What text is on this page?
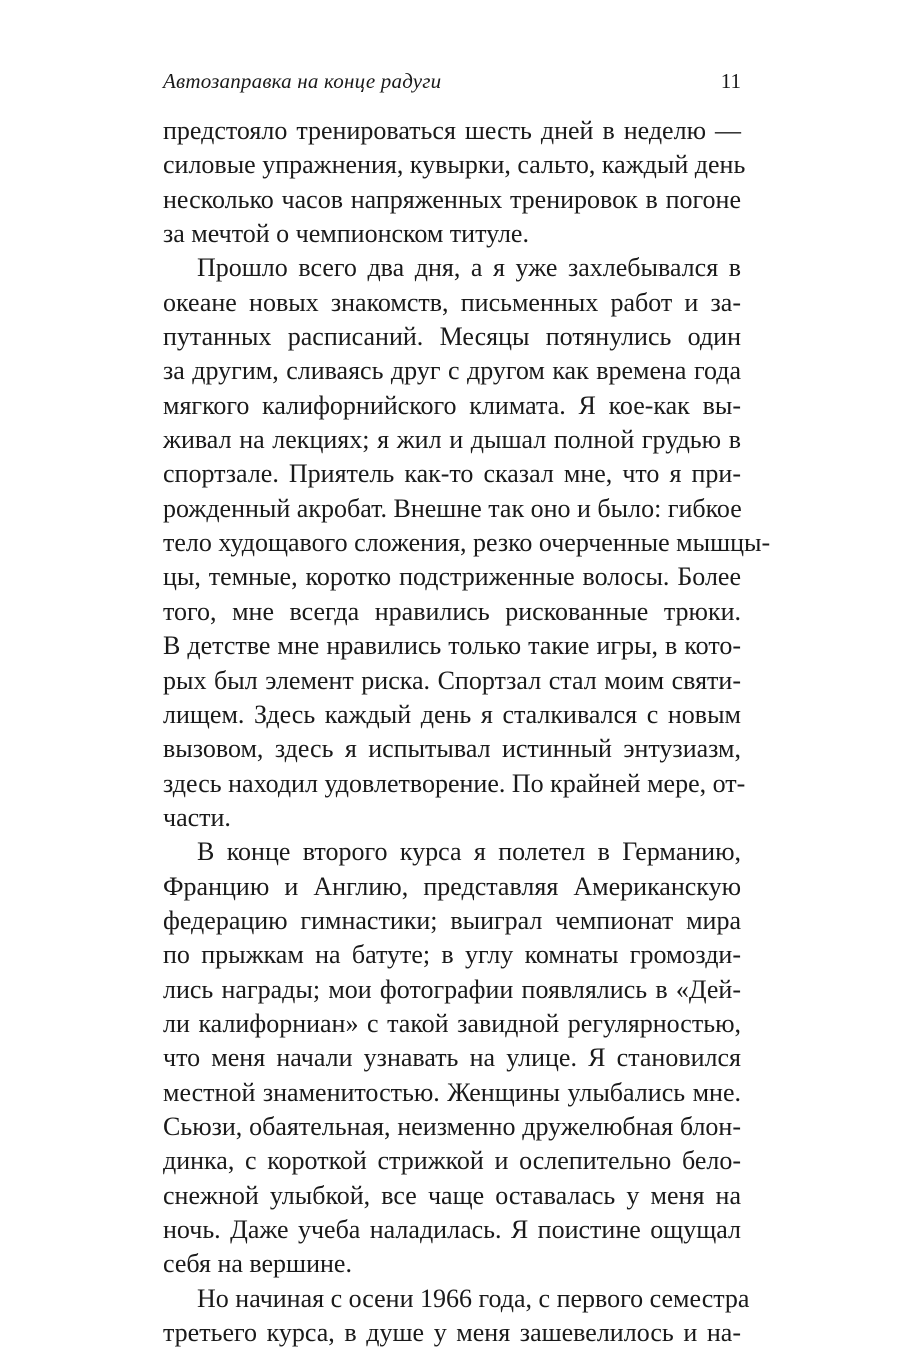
Автозаправка на конце радуги	11
предстояло тренироваться шесть дней в неделю —
силовые упражнения, кувырки, сальто, каждый день
несколько часов напряженных тренировок в погоне
за мечтой о чемпионском титуле.
Прошло всего два дня, а я уже захлебывался в
океане новых знакомств, письменных работ и за-
путанных расписаний. Месяцы потянулись один
за другим, сливаясь друг с другом как времена года
мягкого калифорнийского климата. Я кое-как вы-
живал на лекциях; я жил и дышал полной грудью в
спортзале. Приятель как-то сказал мне, что я при-
рожденный акробат. Внешне так оно и было: гибкое
тело худощавого сложения, резко очерченные мышцы-
цы, темные, коротко подстриженные волосы. Более
того, мне всегда нравились рискованные трюки.
В детстве мне нравились только такие игры, в кото-
рых был элемент риска. Спортзал стал моим святи-
лищем. Здесь каждый день я сталкивался с новым
вызовом, здесь я испытывал истинный энтузиазм,
здесь находил удовлетворение. По крайней мере, от-
части.
В конце второго курса я полетел в Германию,
Францию и Англию, представляя Американскую
федерацию гимнастики; выиграл чемпионат мира
по прыжкам на батуте; в углу комнаты громозди-
лись награды; мои фотографии появлялись в «Дей-
ли калифорниан» с такой завидной регулярностью,
что меня начали узнавать на улице. Я становился
местной знаменитостью. Женщины улыбались мне.
Сьюзи, обаятельная, неизменно дружелюбная блон-
динка, с короткой стрижкой и ослепительно бело-
снежной улыбкой, все чаще оставалась у меня на
ночь. Даже учеба наладилась. Я поистине ощущал
себя на вершине.
Но начиная с осени 1966 года, с первого семестра
третьего курса, в душе у меня зашевелилось и на-
